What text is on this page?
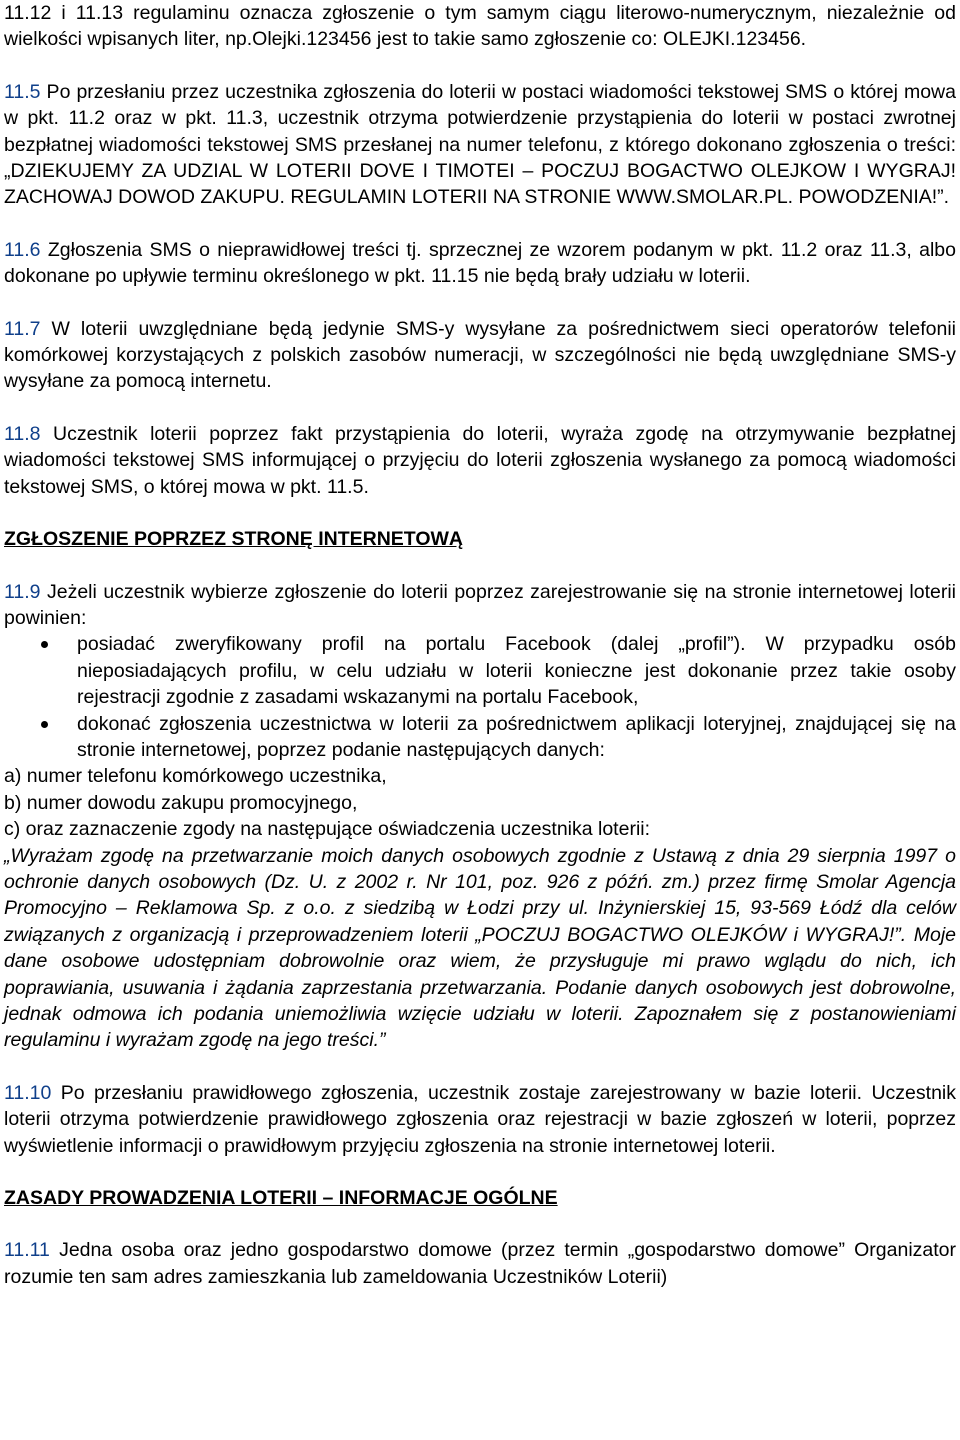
11.12 i 11.13 regulaminu oznacza zgłoszenie o tym samym ciągu literowo-numerycznym, niezależnie od wielkości wpisanych liter, np.Olejki.123456 jest to takie samo zgłoszenie co: OLEJKI.123456.

11.5 Po przesłaniu przez uczestnika zgłoszenia do loterii w postaci wiadomości tekstowej SMS o której mowa w pkt. 11.2 oraz w pkt. 11.3, uczestnik otrzyma potwierdzenie przystąpienia do loterii w postaci zwrotnej bezpłatnej wiadomości tekstowej SMS przesłanej na numer telefonu, z którego dokonano zgłoszenia o treści: „DZIEKUJEMY ZA UDZIAL W LOTERII DOVE I TIMOTEI – POCZUJ BOGACTWO OLEJKOW I WYGRAJ! ZACHOWAJ DOWOD ZAKUPU. REGULAMIN LOTERII NA STRONIE WWW.SMOLAR.PL. POWODZENIA!”.

11.6 Zgłoszenia SMS o nieprawidłowej treści tj. sprzecznej ze wzorem podanym w pkt. 11.2 oraz 11.3, albo dokonane po upływie terminu określonego w pkt. 11.15 nie będą brały udziału w loterii.

11.7 W loterii uwzględniane będą jedynie SMS-y wysyłane za pośrednictwem sieci operatorów telefonii komórkowej korzystających z polskich zasobów numeracji, w szczególności nie będą uwzględniane SMS-y wysyłane za pomocą internetu.

11.8 Uczestnik loterii poprzez fakt przystąpienia do loterii, wyraża zgodę na otrzymywanie bezpłatnej wiadomości tekstowej SMS informującej o przyjęciu do loterii zgłoszenia wysłanego za pomocą wiadomości tekstowej SMS, o której mowa w pkt. 11.5.

ZGŁOSZENIE POPRZEZ STRONĘ INTERNETOWĄ

11.9 Jeżeli uczestnik wybierze zgłoszenie do loterii poprzez zarejestrowanie się na stronie internetowej loterii powinien:

posiadać zweryfikowany profil na portalu Facebook (dalej „profil”). W przypadku osób nieposiadających profilu, w celu udziału w loterii konieczne jest dokonanie przez takie osoby rejestracji zgodnie z zasadami wskazanymi na portalu Facebook,
dokonać zgłoszenia uczestnictwa w loterii za pośrednictwem aplikacji loteryjnej, znajdującej się na stronie internetowej, poprzez podanie następujących danych:

a) numer telefonu komórkowego uczestnika,

b) numer dowodu zakupu promocyjnego,

c) oraz zaznaczenie zgody na następujące oświadczenia uczestnika loterii:

„Wyrażam zgodę na przetwarzanie moich danych osobowych zgodnie z Ustawą z dnia 29 sierpnia 1997 o ochronie danych osobowych (Dz. U. z 2002 r. Nr 101, poz. 926 z późń. zm.) przez firmę Smolar Agencja Promocyjno – Reklamowa Sp. z o.o. z siedzibą w Łodzi przy ul. Inżynierskiej 15, 93-569 Łódź dla celów związanych z organizacją i przeprowadzeniem loterii „POCZUJ BOGACTWO OLEJKÓW i WYGRAJ!”. Moje dane osobowe udostępniam dobrowolnie oraz wiem, że przysługuje mi prawo wglądu do nich, ich poprawiania, usuwania i żądania zaprzestania przetwarzania. Podanie danych osobowych jest dobrowolne, jednak odmowa ich podania uniemożliwia wzięcie udziału w loterii. Zapoznałem się z postanowieniami regulaminu i wyrażam zgodę na jego treści.”

11.10 Po przesłaniu prawidłowego zgłoszenia, uczestnik zostaje zarejestrowany w bazie loterii. Uczestnik loterii otrzyma potwierdzenie prawidłowego zgłoszenia oraz rejestracji w bazie zgłoszeń w loterii, poprzez wyświetlenie informacji o prawidłowym przyjęciu zgłoszenia na stronie internetowej loterii.

ZASADY PROWADZENIA LOTERII – INFORMACJE OGÓLNE

11.11 Jedna osoba oraz jedno gospodarstwo domowe (przez termin „gospodarstwo domowe” Organizator rozumie ten sam adres zamieszkania lub zameldowania Uczestników Loterii)
